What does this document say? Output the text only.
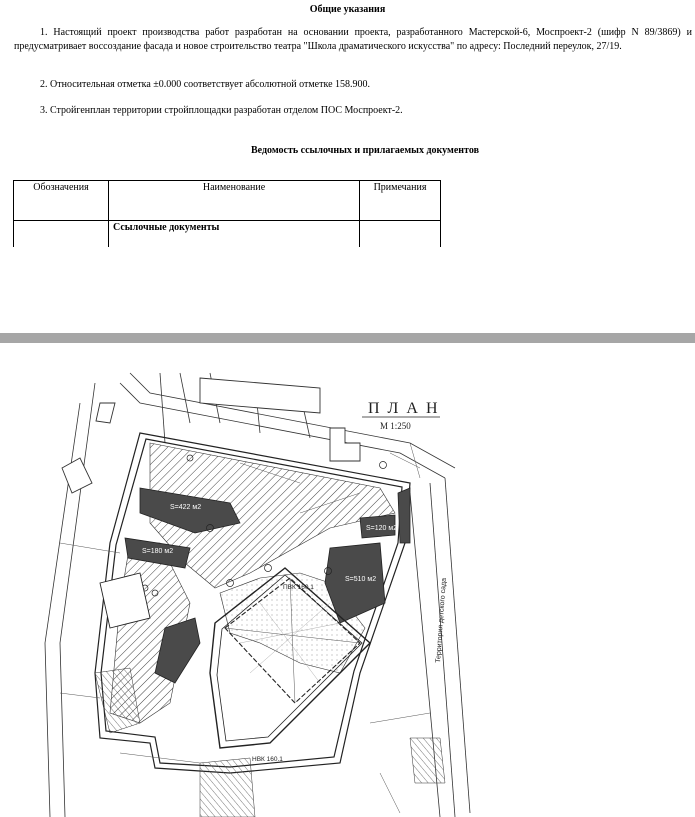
Общие указания
1. Настоящий проект производства работ разработан на основании проекта, разработанного Мастерской-6, Моспроект-2 (шифр N 89/3869) и предусматривает воссоздание фасада и новое строительство театра "Школа драматического искусства" по адресу: Последний переулок, 27/19.
2. Относительная отметка ±0.000 соответствует абсолютной отметке 158.900.
3. Стройгенплан территории стройплощадки разработан отделом ПОС Моспроект-2.
Ведомость ссылочных и прилагаемых документов
Обозначения	Наименование	Примечания
	Ссылочные документы	
ПЛАН
М 1:250
S=422 м2
S=180 м2
S=120 м2
S=510 м2
ПВК 160.1
НВК 160.1
Территория детского сада
